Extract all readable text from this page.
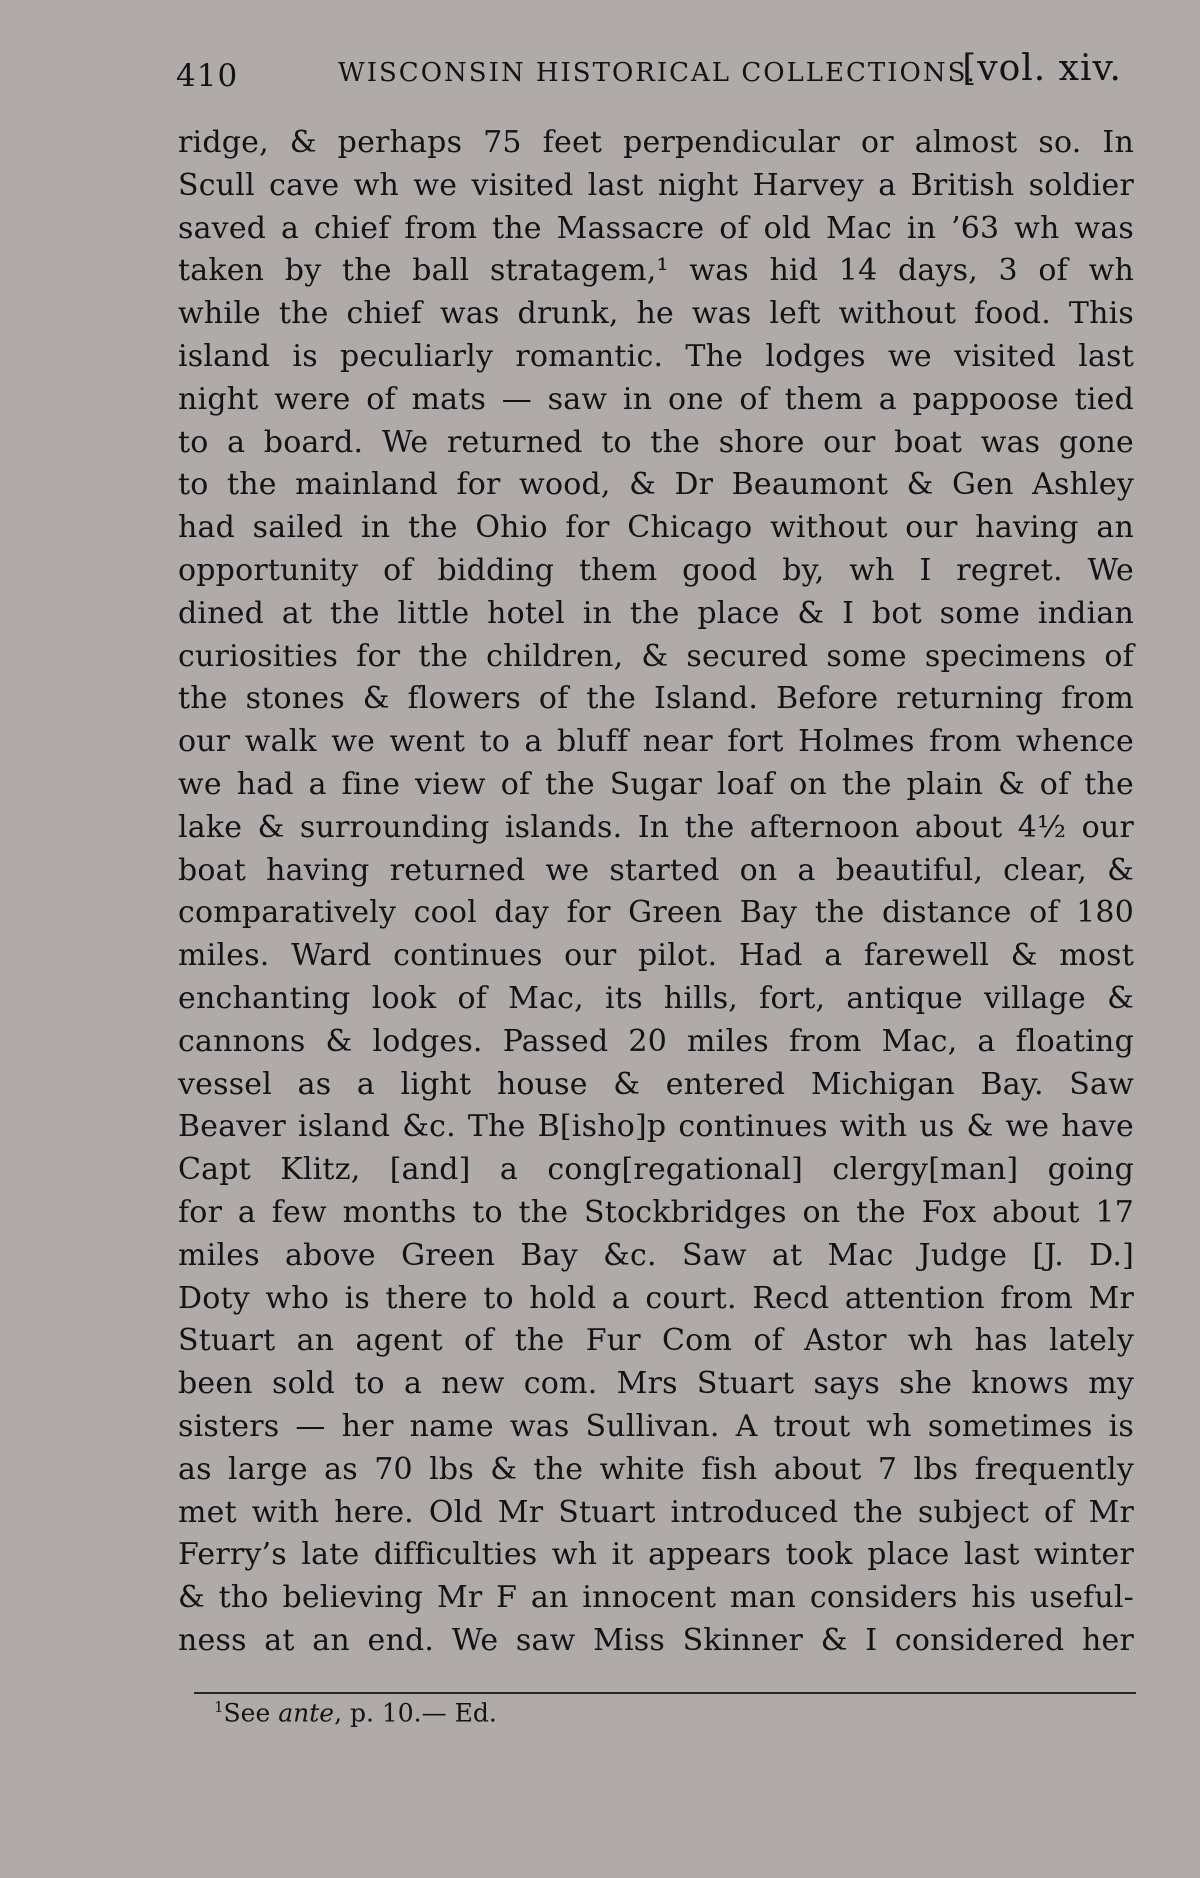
410	WISCONSIN HISTORICAL COLLECTIONS.
[vol. xiv.
ridge, & perhaps 75 feet perpendicular or almost so. In
Scull cave wh we visited last night Harvey a British soldier
saved a chief from the Massacre of old Mac in ’63 wh was
taken by the ball stratagem,¹ was hid 14 days, 3 of wh
while the chief was drunk, he was left without food. This
island is peculiarly romantic. The lodges we visited last
night were of mats — saw in one of them a pappoose tied
to a board. We returned to the shore our boat was gone
to the mainland for wood, & Dr Beaumont & Gen Ashley
had sailed in the Ohio for Chicago without our having an
opportunity of bidding them good by, wh I regret. We
dined at the little hotel in the place & I bot some indian
curiosities for the children, & secured some specimens of
the stones & flowers of the Island. Before returning from
our walk we went to a bluff near fort Holmes from whence
we had a fine view of the Sugar loaf on the plain & of the
lake & surrounding islands. In the afternoon about 4½ our
boat having returned we started on a beautiful, clear, &
comparatively cool day for Green Bay the distance of 180
miles. Ward continues our pilot. Had a farewell & most
enchanting look of Mac, its hills, fort, antique village &
cannons & lodges. Passed 20 miles from Mac, a floating
vessel as a light house & entered Michigan Bay. Saw
Beaver island &c. The B[isho]p continues with us & we have
Capt Klitz, [and] a cong[regational] clergy[man] going
for a few months to the Stockbridges on the Fox about 17
miles above Green Bay &c. Saw at Mac Judge [J. D.]
Doty who is there to hold a court. Recd attention from Mr
Stuart an agent of the Fur Com of Astor wh has lately
been sold to a new com. Mrs Stuart says she knows my
sisters — her name was Sullivan. A trout wh sometimes is
as large as 70 lbs & the white fish about 7 lbs frequently
met with here. Old Mr Stuart introduced the subject of Mr
Ferry’s late difficulties wh it appears took place last winter
& tho believing Mr F an innocent man considers his useful-
ness at an end. We saw Miss Skinner & I considered her
$^1$See ante, p. 10.— Ed.
